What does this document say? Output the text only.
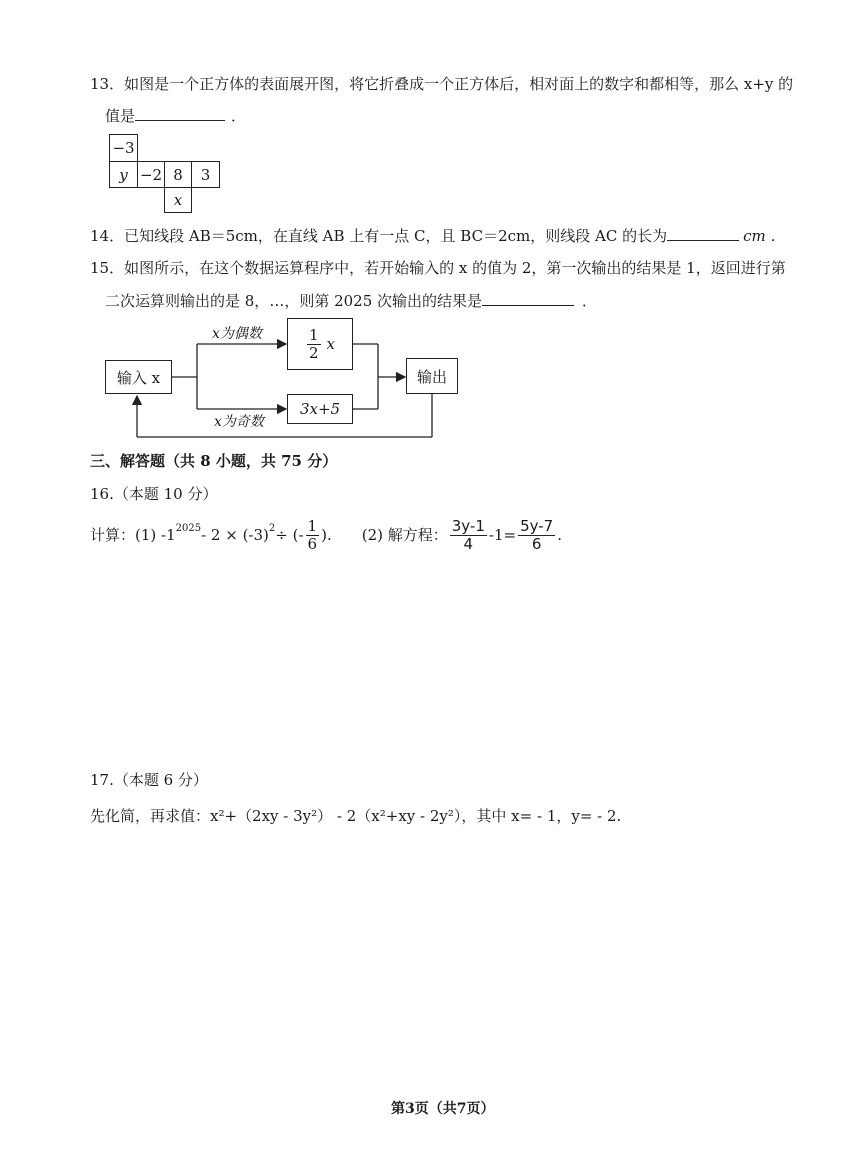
13．如图是一个正方体的表面展开图，将它折叠成一个正方体后，相对面上的数字和都相等，那么 x+y 的
值是	．
−3
y −2 8	3
x
14．已知线段 AB＝5cm，在直线 AB 上有一点 C，且 BC＝2cm，则线段 AC 的长为	cm ．
15．如图所示，在这个数据运算程序中，若开始输入的 x 的值为 2，第一次输出的结果是 1，返回进行第
二次运算则输出的是 8，…，则第 2025 次输出的结果是	．
输入 x
x为偶数
x为奇数
$\frac{1}{2}$ x
3x+5
输出
三、解答题（共 8 小题，共 75 分）
16.（本题 10 分）
计算：(1) $-1^{2025} - 2 \times (-3)^2$ ÷ (- $\frac{1}{6}$ ). (2) 解方程： $\frac{3y-1}{4} -1= \frac{5y-7}{6}$ .
17.（本题 6 分）
先化简，再求值：x²+（2xy - 3y²） - 2（x²+xy - 2y²），其中 x= - 1，y= - 2.
第3页（共7页）
